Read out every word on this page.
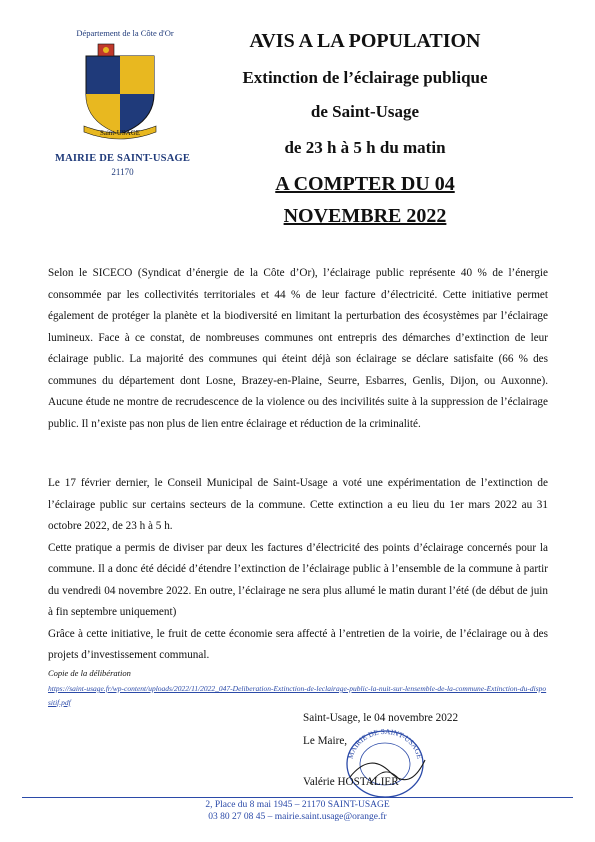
Département de la Côte d'Or
Saint-USAGE
MAIRIE DE SAINT-USAGE
21170

AVIS A LA POPULATION

Extinction de l’éclairage publique

de Saint-Usage

de 23 h à 5 h du matin

A COMPTER DU 04

NOVEMBRE 2022

Selon le SICECO (Syndicat d’énergie de la Côte d’Or), l’éclairage public représente 40 % de l’énergie consommée par les collectivités territoriales et 44 % de leur facture d’électricité. Cette initiative permet également de protéger la planète et la biodiversité en limitant la perturbation des écosystèmes par l’éclairage lumineux. Face à ce constat, de nombreuses communes ont entrepris des démarches d’extinction de leur éclairage public. La majorité des communes qui éteint déjà son éclairage se déclare satisfaite (66 % des communes du département dont Losne, Brazey-en-Plaine, Seurre, Esbarres, Genlis, Dijon, ou Auxonne). Aucune étude ne montre de recrudescence de la violence ou des incivilités suite à la suppression de l’éclairage public. Il n’existe pas non plus de lien entre éclairage et réduction de la criminalité.

Le 17 février dernier, le Conseil Municipal de Saint-Usage a voté une expérimentation de l’extinction de l’éclairage public sur certains secteurs de la commune. Cette extinction a eu lieu du 1er mars 2022 au 31 octobre 2022, de 23 h à 5 h.

Cette pratique a permis de diviser par deux les factures d’électricité des points d’éclairage concernés pour la commune. Il a donc été décidé d’étendre l’extinction de l’éclairage public à l’ensemble de la commune à partir du vendredi 04 novembre 2022. En outre, l’éclairage ne sera plus allumé le matin durant l’été (de début de juin à fin septembre uniquement)

Grâce à cette initiative, le fruit de cette économie sera affecté à l’entretien de la voirie, de l’éclairage ou à des projets d’investissement communal.

Copie de la délibération
https://saint-usage.fr/wp-content/uploads/2022/11/2022_047-Deliberation-Extinction-de-leclairage-public-la-nuit-sur-lensemble-de-la-commune-Extinction-du-dispositif.pdf
Saint-Usage, le 04 novembre 2022
Le Maire,
MAIRIE DE SAINT-USAGE
Valérie HOSTALIER
2, Place du 8 mai 1945 – 21170 SAINT-USAGE
03 80 27 08 45 – mairie.saint.usage@orange.fr
